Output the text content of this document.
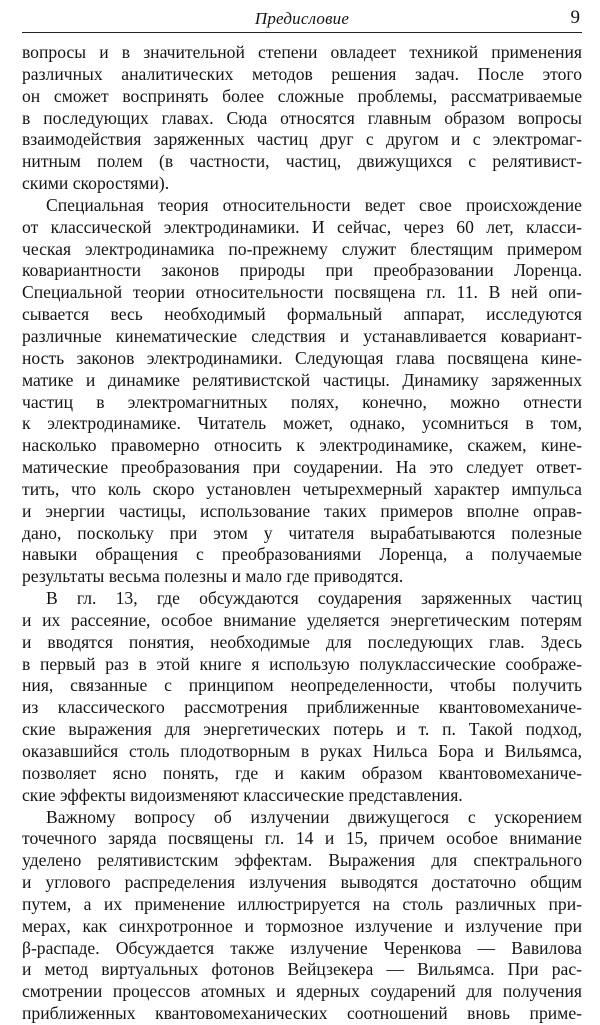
Предисловие	9
вопросы и в значительной степени овладеет техникой применения
различных аналитических методов решения задач. После этого
он сможет воспринять более сложные проблемы, рассматриваемые
в последующих главах. Сюда относятся главным образом вопросы
взаимодействия заряженных частиц друг с другом и с электромаг-
нитным полем (в частности, частиц, движущихся с релятивист-
скими скоростями).
Специальная теория относительности ведет свое происхождение
от классической электродинамики. И сейчас, через 60 лет, класси-
ческая электродинамика по-прежнему служит блестящим примером
ковариантности законов природы при преобразовании Лоренца.
Специальной теории относительности посвящена гл. 11. В ней опи-
сывается весь необходимый формальный аппарат, исследуются
различные кинематические следствия и устанавливается ковариант-
ность законов электродинамики. Следующая глава посвящена кине-
матике и динамике релятивистской частицы. Динамику заряженных
частиц в электромагнитных полях, конечно, можно отнести
к электродинамике. Читатель может, однако, усомниться в том,
насколько правомерно относить к электродинамике, скажем, кине-
матические преобразования при соударении. На это следует ответ-
тить, что коль скоро установлен четырехмерный характер импульса
и энергии частицы, использование таких примеров вполне оправ-
дано, поскольку при этом у читателя вырабатываются полезные
навыки обращения с преобразованиями Лоренца, а получаемые
результаты весьма полезны и мало где приводятся.
В гл. 13, где обсуждаются соударения заряженных частиц
и их рассеяние, особое внимание уделяется энергетическим потерям
и вводятся понятия, необходимые для последующих глав. Здесь
в первый раз в этой книге я использую полуклассические соображе-
ния, связанные с принципом неопределенности, чтобы получить
из классического рассмотрения приближенные квантовомеханиче-
ские выражения для энергетических потерь и т. п. Такой подход,
оказавшийся столь плодотворным в руках Нильса Бора и Вильямса,
позволяет ясно понять, где и каким образом квантовомеханиче-
ские эффекты видоизменяют классические представления.
Важному вопросу об излучении движущегося с ускорением
точечного заряда посвящены гл. 14 и 15, причем особое внимание
уделено релятивистским эффектам. Выражения для спектрального
и углового распределения излучения выводятся достаточно общим
путем, а их применение иллюстрируется на столь различных при-
мерах, как синхротронное и тормозное излучение и излучение при
β-распаде. Обсуждается также излучение Черенкова — Вавилова
и метод виртуальных фотонов Вейцзекера — Вильямса. При рас-
смотрении процессов атомных и ядерных соударений для получения
приближенных квантовомеханических соотношений вновь приме-
